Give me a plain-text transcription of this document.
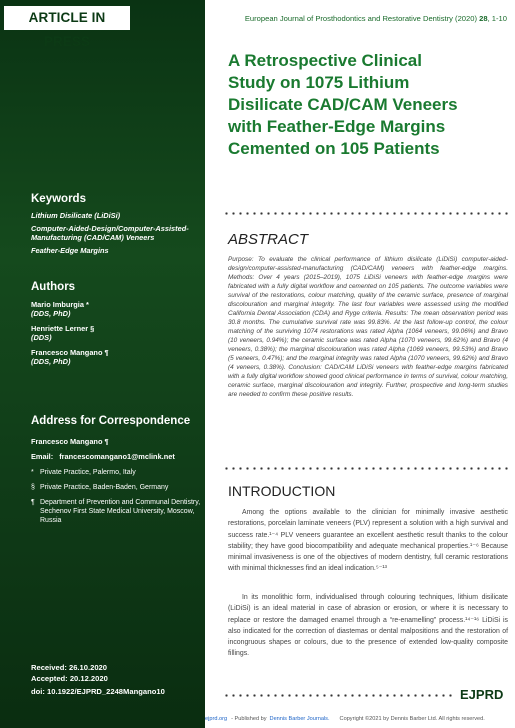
ARTICLE IN PRESS
Keywords
Lithium Disilicate (LiDiSi)
Computer-Aided-Design/Computer-Assisted-Manufacturing (CAD/CAM) Veneers
Feather-Edge Margins
Authors
Mario Imburgia *
(DDS, PhD)
Henriette Lerner §
(DDS)
Francesco Mangano ¶
(DDS, PhD)
Address for Correspondence
Francesco Mangano ¶
Email: francescomangano1@mclink.net
* Private Practice, Palermo, Italy
§ Private Practice, Baden-Baden, Germany
¶ Department of Prevention and Communal Dentistry, Sechenov First State Medical University, Moscow, Russia
Received: 26.10.2020
Accepted: 20.12.2020
doi: 10.1922/EJPRD_2248Mangano10
European Journal of Prosthodontics and Restorative Dentistry (2020) 28, 1-10
A Retrospective Clinical
Study on 1075 Lithium
Disilicate CAD/CAM Veneers
with Feather-Edge Margins
Cemented on 105 Patients
ABSTRACT

Purpose: To evaluate the clinical performance of lithium disilicate (LiDiSi) computer-aided-design/computer-assisted-manufacturing (CAD/CAM) veneers with feather-edge margins. Methods: Over 4 years (2015–2019), 1075 LiDiSi veneers with feather-edge margins were fabricated with a fully digital workflow and cemented on 105 patients. The outcome variables were survival of the restorations, colour matching, quality of the ceramic surface, presence of marginal discolouration and marginal integrity. The last four variables were assessed using the modified California Dental Association (CDA) and Ryge criteria. Results: The mean observation period was 30.8 months. The cumulative survival rate was 99.83%. At the last follow-up control, the colour matching of the surviving 1074 restorations was rated Alpha (1064 veneers, 99.06%) and Bravo (10 veneers, 0.94%); the ceramic surface was rated Alpha (1070 veneers, 99.62%) and Bravo (4 veneers, 0.38%); the marginal discolouration was rated Alpha (1069 veneers, 99.53%) and Bravo (5 veneers, 0.47%); and the marginal integrity was rated Alpha (1070 veneers, 99.62%) and Bravo (4 veneers, 0.38%). Conclusion: CAD/CAM LiDiSi veneers with feather-edge margins fabricated with a fully digital workflow showed good clinical performance in terms of survival, colour matching, ceramic surface, marginal discolouration and integrity. Further, prospective and long-term studies are needed to confirm these positive results.

INTRODUCTION

Among the options available to the clinician for minimally invasive aesthetic restorations, porcelain laminate veneers (PLV) represent a solution with a high survival and success rate.¹⁻⁴ PLV veneers guarantee an excellent aesthetic result thanks to the colour stability; they have good biocompatibility and adequate mechanical properties.¹⁻⁶ Because minimal invasiveness is one of the objectives of modern dentistry, full ceramic restorations with minimal thicknesses find an ideal indication.⁵⁻¹³

In its monolithic form, individualised through colouring techniques, lithium disilicate (LiDiSi) is an ideal material in case of abrasion or erosion, or where it is necessary to replace or restore the damaged enamel through a “re-enamelling” process.¹⁴⁻¹⁶ LiDiSi is also indicated for the correction of diastemas or dental malpositions and the restoration of incongruous shapes or colours, due to the presence of extended low-quality composite fillings.

EJPRD
ejprd.org - Published by Dennis Barber Journals. Copyright ©2021 by Dennis Barber Ltd. All rights reserved.
